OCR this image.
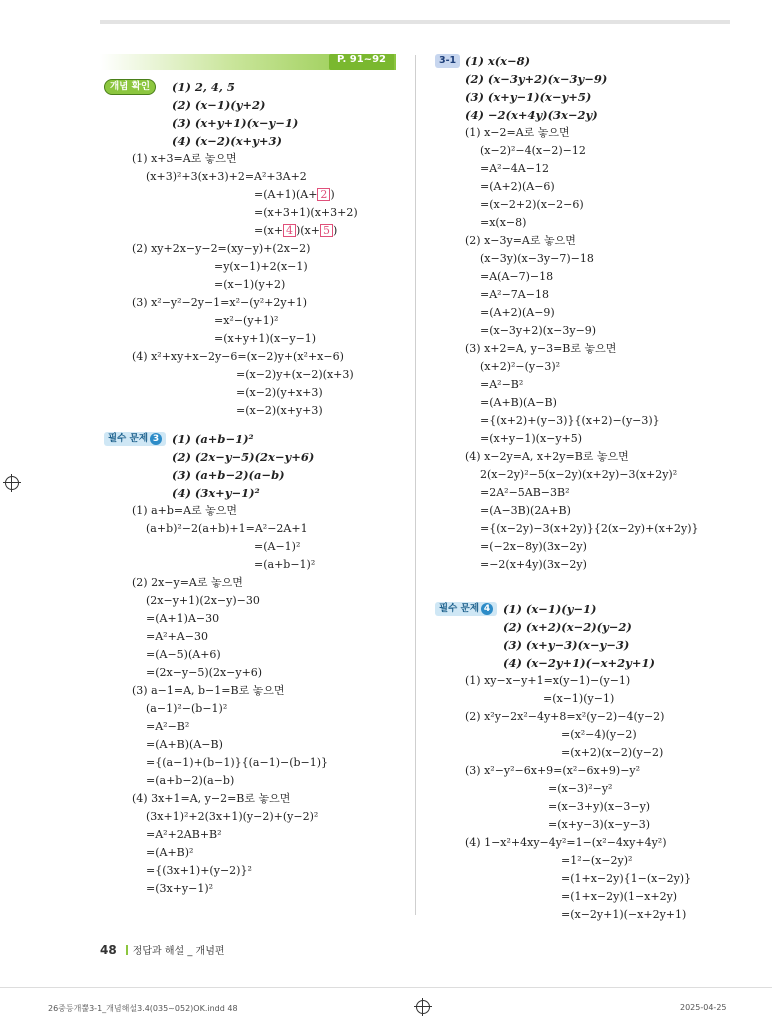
P. 91~92
개념 확인	(1) 2, 4, 5
(2) (x−1)(y+2)
(3) (x+y+1)(x−y−1)
(4) (x−2)(x+y+3)
(1) x+3=A로 놓으면
(x+3)²+3(x+3)+2=A²+3A+2
=(A+1)(A+ 2 )
=(x+3+1)(x+3+2)
=(x+ 4 )(x+ 5 )
(2) xy+2x−y−2=(xy−y)+(2x−2)
=y(x−1)+2(x−1)
=(x−1)(y+2)
(3) x²−y²−2y−1=x²−(y²+2y+1)
=x²−(y+1)²
=(x+y+1)(x−y−1)
(4) x²+xy+x−2y−6=(x−2)y+(x²+x−6)
=(x−2)y+(x−2)(x+3)
=(x−2)(y+x+3)
=(x−2)(x+y+3)
필수 문제 3	(1) (a+b−1)²
(2) (2x−y−5)(2x−y+6)
(3) (a+b−2)(a−b)
(4) (3x+y−1)²
(1) a+b=A로 놓으면
(a+b)²−2(a+b)+1=A²−2A+1
=(A−1)²
=(a+b−1)²
(2) 2x−y=A로 놓으면
(2x−y+1)(2x−y)−30
=(A+1)A−30
=A²+A−30
=(A−5)(A+6)
=(2x−y−5)(2x−y+6)
(3) a−1=A, b−1=B로 놓으면
(a−1)²−(b−1)²
=A²−B²
=(A+B)(A−B)
={(a−1)+(b−1)}{(a−1)−(b−1)}
=(a+b−2)(a−b)
(4) 3x+1=A, y−2=B로 놓으면
(3x+1)²+2(3x+1)(y−2)+(y−2)²
=A²+2AB+B²
=(A+B)²
={(3x+1)+(y−2)}²
=(3x+y−1)²
3-1 (1) x(x−8)
(2) (x−3y+2)(x−3y−9)
(3) (x+y−1)(x−y+5)
(4) −2(x+4y)(3x−2y)
(1) x−2=A로 놓으면
(x−2)²−4(x−2)−12
=A²−4A−12
=(A+2)(A−6)
=(x−2+2)(x−2−6)
=x(x−8)
(2) x−3y=A로 놓으면
(x−3y)(x−3y−7)−18
=A(A−7)−18
=A²−7A−18
=(A+2)(A−9)
=(x−3y+2)(x−3y−9)
(3) x+2=A, y−3=B로 놓으면
(x+2)²−(y−3)²
=A²−B²
=(A+B)(A−B)
={(x+2)+(y−3)}{(x+2)−(y−3)}
=(x+y−1)(x−y+5)
(4) x−2y=A, x+2y=B로 놓으면
2(x−2y)²−5(x−2y)(x+2y)−3(x+2y)²
=2A²−5AB−3B²
=(A−3B)(2A+B)
={(x−2y)−3(x+2y)}{2(x−2y)+(x+2y)}
=(−2x−8y)(3x−2y)
=−2(x+4y)(3x−2y)
필수 문제 4	(1) (x−1)(y−1)
(2) (x+2)(x−2)(y−2)
(3) (x+y−3)(x−y−3)
(4) (x−2y+1)(−x+2y+1)
(1) xy−x−y+1=x(y−1)−(y−1)
=(x−1)(y−1)
(2) x²y−2x²−4y+8=x²(y−2)−4(y−2)
=(x²−4)(y−2)
=(x+2)(x−2)(y−2)
(3) x²−y²−6x+9=(x²−6x+9)−y²
=(x−3)²−y²
=(x−3+y)(x−3−y)
=(x+y−3)(x−y−3)
(4) 1−x²+4xy−4y²=1−(x²−4xy+4y²)
=1²−(x−2y)²
=(1+x−2y){1−(x−2y)}
=(1+x−2y)(1−x+2y)
=(x−2y+1)(−x+2y+1)
48 정답과 해설 _ 개념편
26중등개뿔3-1_개념해설3.4(035~052)OK.indd 48	2025-04-25
